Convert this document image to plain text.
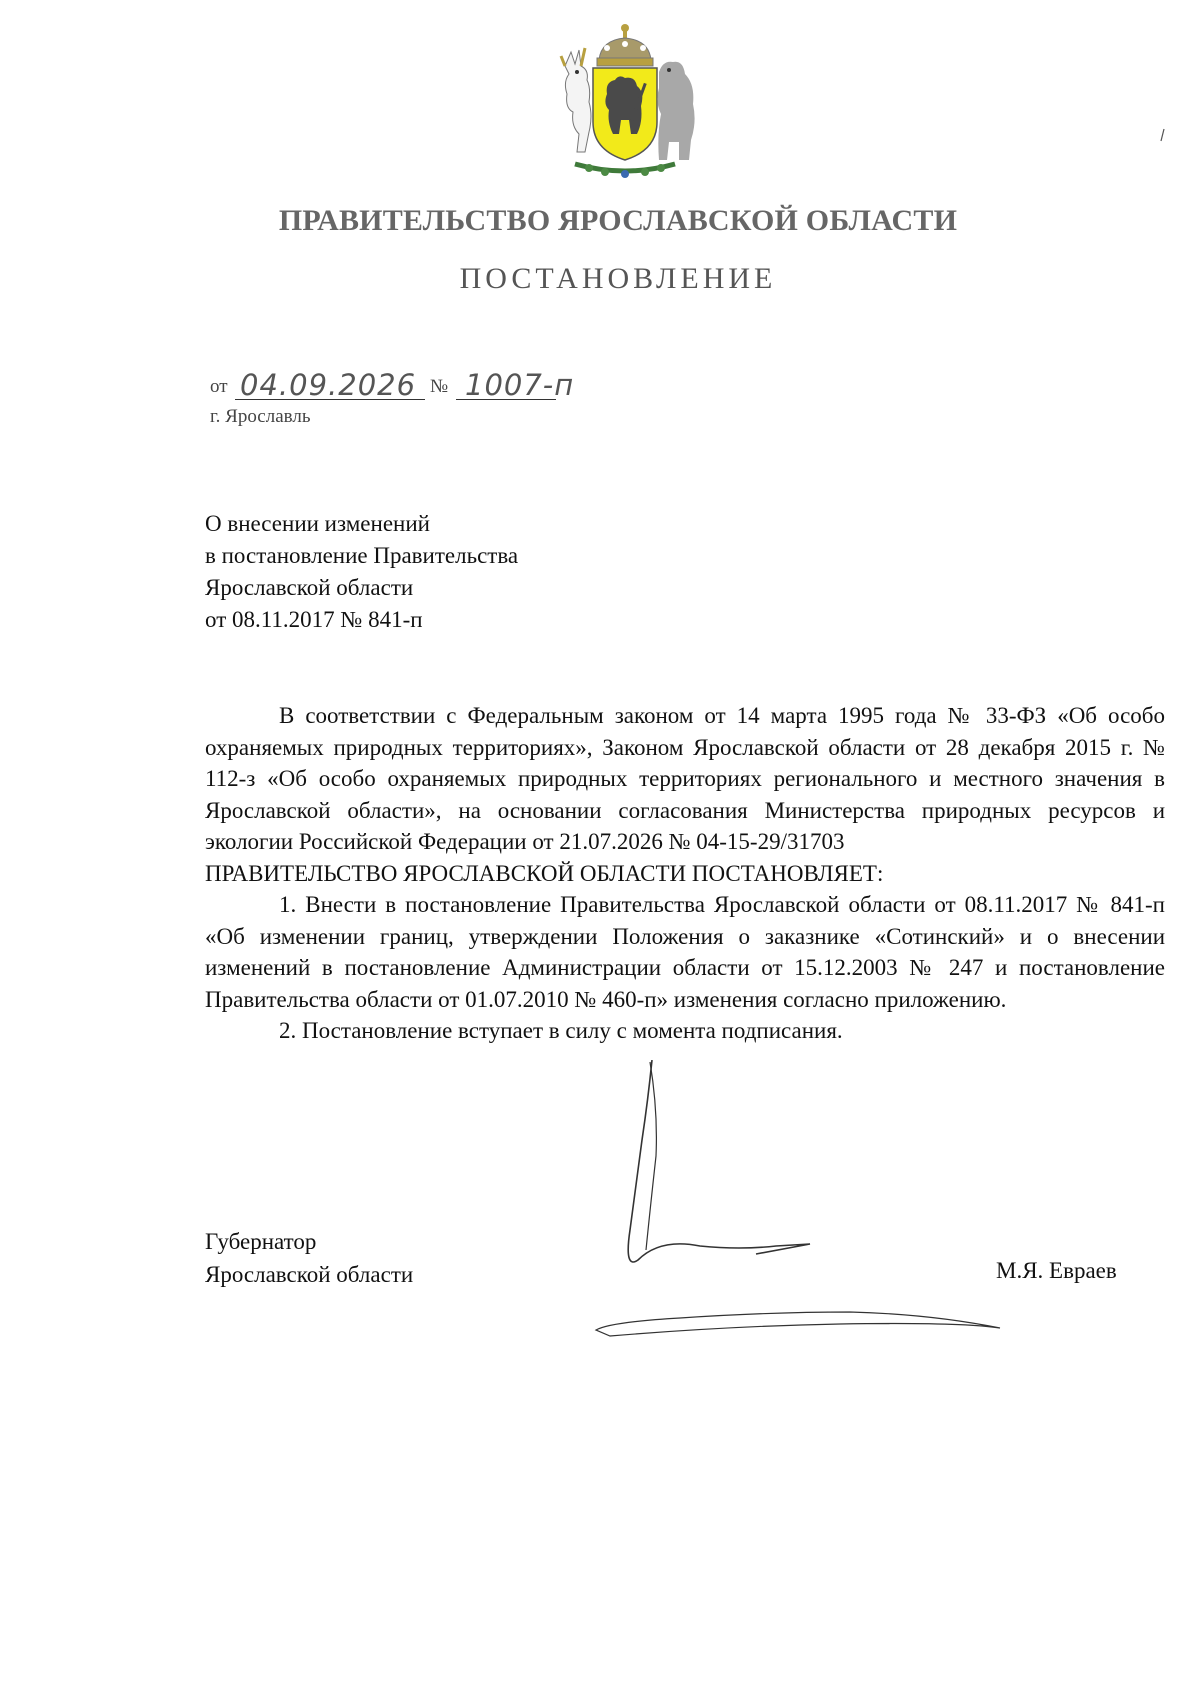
ПРАВИТЕЛЬСТВО ЯРОСЛАВСКОЙ ОБЛАСТИ
ПОСТАНОВЛЕНИЕ
от 04.09.2026 № 1007-п
г. Ярославль
О внесении изменений
в постановление Правительства
Ярославской области
от 08.11.2017 № 841-п

В соответствии с Федеральным законом от 14 марта 1995 года № 33-ФЗ «Об особо охраняемых природных территориях», Законом Ярославской области от 28 декабря 2015 г. № 112-з «Об особо охраняемых природных территориях регионального и местного значения в Ярославской области», на основании согласования Министерства природных ресурсов и экологии Российской Федерации от 21.07.2026 № 04-15-29/31703

ПРАВИТЕЛЬСТВО ЯРОСЛАВСКОЙ ОБЛАСТИ ПОСТАНОВЛЯЕТ:

1. Внести в постановление Правительства Ярославской области от 08.11.2017 № 841-п «Об изменении границ, утверждении Положения о заказнике «Сотинский» и о внесении изменений в постановление Администрации области от 15.12.2003 № 247 и постановление Правительства области от 01.07.2010 № 460-п» изменения согласно приложению.

2. Постановление вступает в силу с момента подписания.

Губернатор
Ярославской области	М.Я. Евраев
